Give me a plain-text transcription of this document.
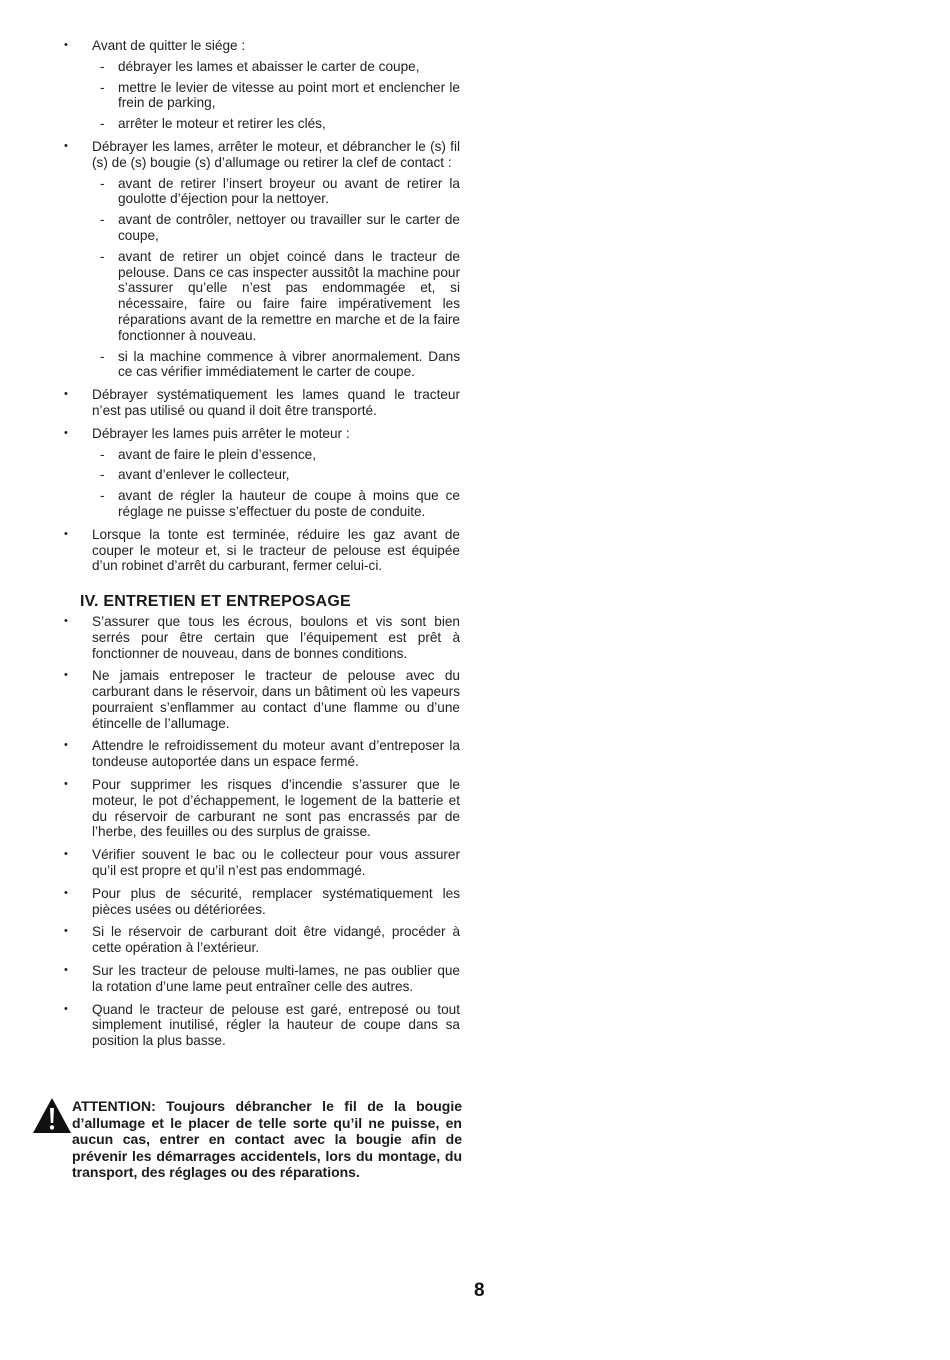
• Avant de quitter le siége :
- débrayer les lames et abaisser le carter de coupe,
- mettre le levier de vitesse au point mort et enclencher le frein de parking,
- arrêter le moteur et retirer les clés,
• Débrayer les lames, arrêter le moteur, et débrancher le (s) fil (s) de (s) bougie (s) d’allumage ou retirer la clef de contact :
- avant de retirer l’insert broyeur ou avant de retirer la goulotte d’éjection pour la nettoyer.
- avant de contrôler, nettoyer ou travailler sur le carter de coupe,
- avant de retirer un objet coincé dans le tracteur de pelouse. Dans ce cas inspecter aussitôt la machine pour s’assurer qu’elle n’est pas endommagée et, si nécessaire, faire ou faire faire impérativement les réparations avant de la remettre en marche et de la faire fonctionner à nouveau.
- si la machine commence à vibrer anormalement. Dans ce cas vérifier immédiatement le carter de coupe.
• Débrayer systématiquement les lames quand le tracteur n’est pas utilisé ou quand il doit être transporté.
• Débrayer les lames puis arrêter le moteur :
- avant de faire le plein d’essence,
- avant d’enlever le collecteur,
- avant de régler la hauteur de coupe à moins que ce réglage ne puisse s’effectuer du poste de conduite.
• Lorsque la tonte est terminée, réduire les gaz avant de couper le moteur et, si le tracteur de pelouse est équipée d’un robinet d’arrêt du carburant, fermer celui-ci.
IV. ENTRETIEN ET ENTREPOSAGE
• S’assurer que tous les écrous, boulons et vis sont bien serrés pour être certain que l’équipement est prêt à fonctionner de nouveau, dans de bonnes conditions.
• Ne jamais entreposer le tracteur de pelouse avec du carburant dans le réservoir, dans un bâtiment où les vapeurs pourraient s’enflammer au contact d’une flamme ou d’une étincelle de l’allumage.
• Attendre le refroidissement du moteur avant d’entreposer la tondeuse autoportée dans un espace fermé.
• Pour supprimer les risques d’incendie s’assurer que le moteur, le pot d’échappement, le logement de la batterie et du réservoir de carburant ne sont pas encrassés par de l’herbe, des feuilles ou des surplus de graisse.
• Vérifier souvent le bac ou le collecteur pour vous assurer qu’il est propre et qu’il n’est pas endommagé.
• Pour plus de sécurité, remplacer systématiquement les pièces usées ou détériorées.
• Si le réservoir de carburant doit être vidangé, procéder à cette opération à l’extérieur.
• Sur les tracteur de pelouse multi-lames, ne pas oublier que la rotation d’une lame peut entraîner celle des autres.
• Quand le tracteur de pelouse est garé, entreposé ou tout simplement inutilisé, régler la hauteur de coupe dans sa position la plus basse.
ATTENTION: Toujours débrancher le fil de la bougie d’allumage et le placer de telle sorte qu’il ne puisse, en aucun cas, entrer en contact avec la bougie afin de prévenir les démarrages accidentels, lors du montage, du transport, des réglages ou des réparations.
8
